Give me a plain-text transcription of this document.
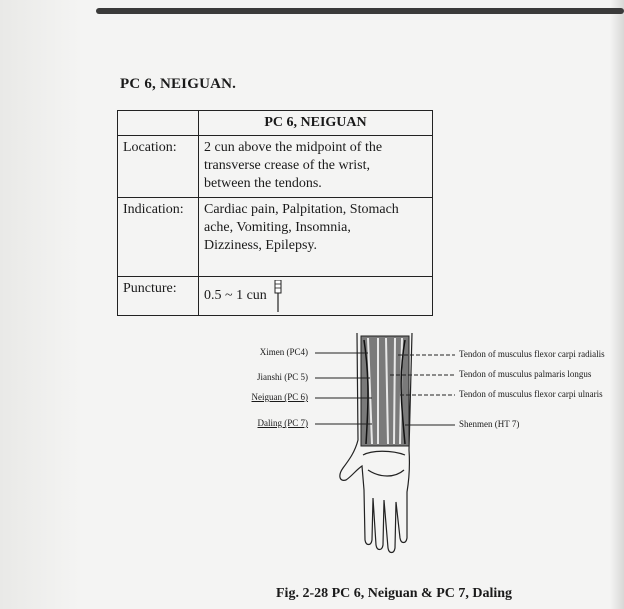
PC 6, NEIGUAN.
	PC 6, NEIGUAN
Location:	2 cun above the midpoint of the
transverse crease of the wrist,
between the tendons.

Indication:	Cardiac pain, Palpitation, Stomach
ache, Vomiting, Insomnia,
Dizziness, Epilepsy.

Puncture:	0.5 ~ 1 cun
Ximen (PC4)
Jianshi (PC 5)
Neiguan (PC 6)
Daling (PC 7)
Tendon of musculus flexor carpi radialis
Tendon of musculus palmaris longus
Tendon of musculus flexor carpi ulnaris
Shenmen (HT 7)
Fig. 2-28 PC 6, Neiguan & PC 7, Daling
